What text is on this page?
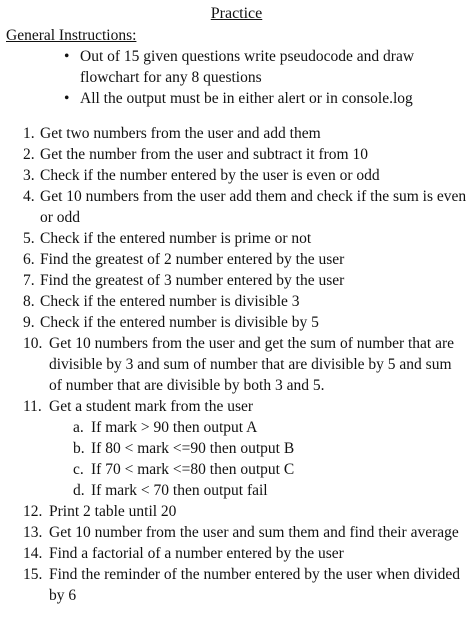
Practice
General Instructions:
• Out of 15 given questions write pseudocode and draw flowchart for any 8 questions
• All the output must be in either alert or in console.log
1. Get two numbers from the user and add them
2. Get the number from the user and subtract it from 10
3. Check if the number entered by the user is even or odd
4. Get 10 numbers from the user add them and check if the sum is even or odd
5. Check if the entered number is prime or not
6. Find the greatest of 2 number entered by the user
7. Find the greatest of 3 number entered by the user
8. Check if the entered number is divisible 3
9. Check if the entered number is divisible by 5
10. Get 10 numbers from the user and get the sum of number that are divisible by 3 and sum of number that are divisible by 5 and sum of number that are divisible by both 3 and 5.
11. Get a student mark from the user
a. If mark > 90 then output A
b. If 80 < mark <=90 then output B
c. If 70 < mark <=80 then output C
d. If mark < 70 then output fail
12. Print 2 table until 20
13. Get 10 number from the user and sum them and find their average
14. Find a factorial of a number entered by the user
15. Find the reminder of the number entered by the user when divided by 6
